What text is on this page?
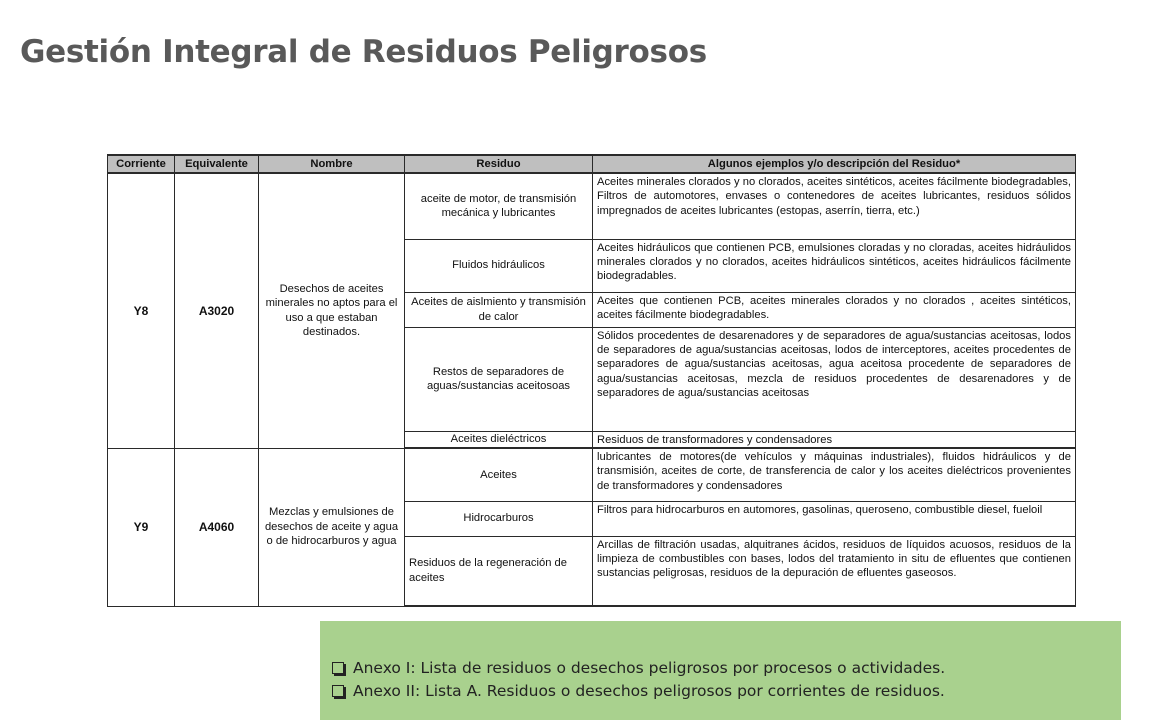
Gestión Integral de Residuos Peligrosos
Corriente	Equivalente	Nombre	Residuo	Algunos ejemplos y/o descripción del Residuo*
Y8	A3020	Desechos de aceites minerales no aptos para el uso a que estaban destinados.	aceite de motor, de transmisión mecánica y lubricantes	Aceites minerales clorados y no clorados, aceites sintéticos, aceites fácilmente biodegradables, Filtros de automotores, envases o contenedores de aceites lubricantes, residuos sólidos impregnados de aceites lubricantes (estopas, aserrín, tierra, etc.)
			Fluidos hidráulicos	Aceites hidráulicos que contienen PCB, emulsiones cloradas y no cloradas, aceites hidráulidos minerales clorados y no clorados, aceites hidráulicos sintéticos, aceites hidráulicos fácilmente biodegradables.
			Aceites de aislmiento y transmisión de calor	Aceites que contienen PCB, aceites minerales clorados y no clorados , aceites sintéticos, aceites fácilmente biodegradables.
			Restos de separadores de aguas/sustancias aceitosoas	Sólidos procedentes de desarenadores y de separadores de agua/sustancias aceitosas, lodos de separadores de agua/sustancias aceitosas, lodos de interceptores, aceites procedentes de separadores de agua/sustancias aceitosas, agua aceitosa procedente de separadores de agua/sustancias aceitosas, mezcla de residuos procedentes de desarenadores y de separadores de agua/sustancias aceitosas
			Aceites dieléctricos	Residuos de transformadores y condensadores
Y9	A4060	Mezclas y emulsiones de desechos de aceite y agua o de hidrocarburos y agua	Aceites	lubricantes de motores(de vehículos y máquinas industriales), fluidos hidráulicos y de transmisión, aceites de corte, de transferencia de calor y los aceites dieléctricos provenientes de transformadores y condensadores
			Hidrocarburos	Filtros para hidrocarburos en automores, gasolinas, queroseno, combustible diesel, fueloil
			Residuos de la regeneración de aceites	Arcillas de filtración usadas, alquitranes ácidos, residuos de líquidos acuosos, residuos de la limpieza de combustibles con bases, lodos del tratamiento in situ de efluentes que contienen sustancias peligrosas, residuos de la depuración de efluentes gaseosos.
Anexo I: Lista de residuos o desechos peligrosos por procesos o actividades.
Anexo II: Lista A. Residuos o desechos peligrosos por corrientes de residuos.
